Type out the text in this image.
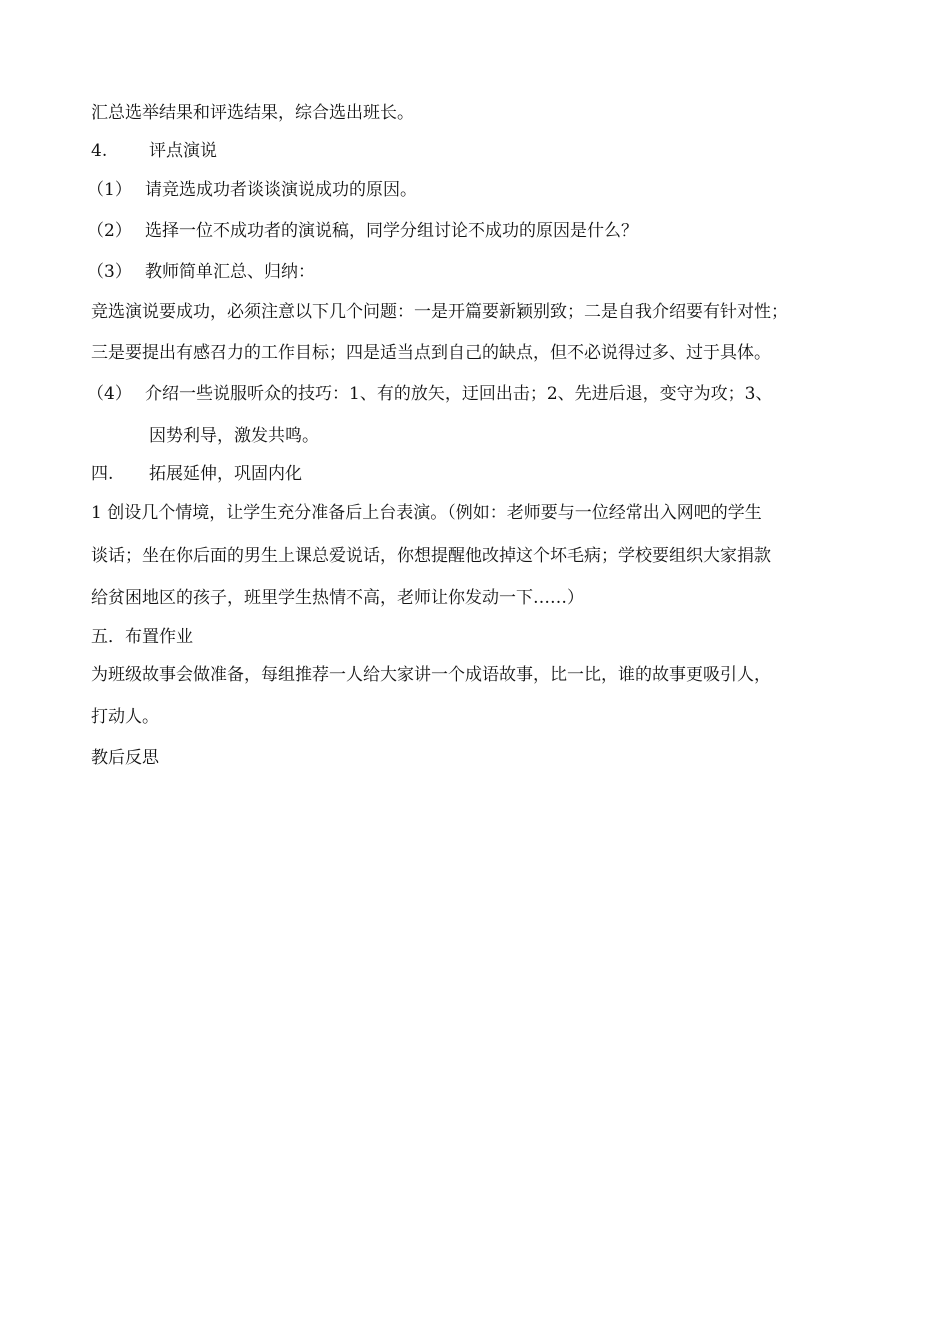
汇总选举结果和评选结果，综合选出班长。
4. 评点演说
（1） 请竞选成功者谈谈演说成功的原因。
（2） 选择一位不成功者的演说稿，同学分组讨论不成功的原因是什么？
（3） 教师简单汇总、归纳：
竞选演说要成功，必须注意以下几个问题：一是开篇要新颖别致；二是自我介绍要有针对性；
三是要提出有感召力的工作目标；四是适当点到自己的缺点，但不必说得过多、过于具体。
（4） 介绍一些说服听众的技巧：1、有的放矢，迂回出击；2、先进后退，变守为攻；3、
因势利导，激发共鸣。
四. 拓展延伸，巩固内化
1 创设几个情境，让学生充分准备后上台表演。（例如：老师要与一位经常出入网吧的学生
谈话；坐在你后面的男生上课总爱说话，你想提醒他改掉这个坏毛病；学校要组织大家捐款
给贫困地区的孩子，班里学生热情不高，老师让你发动一下……）
五．布置作业
为班级故事会做准备，每组推荐一人给大家讲一个成语故事，比一比，谁的故事更吸引人，
打动人。
教后反思
